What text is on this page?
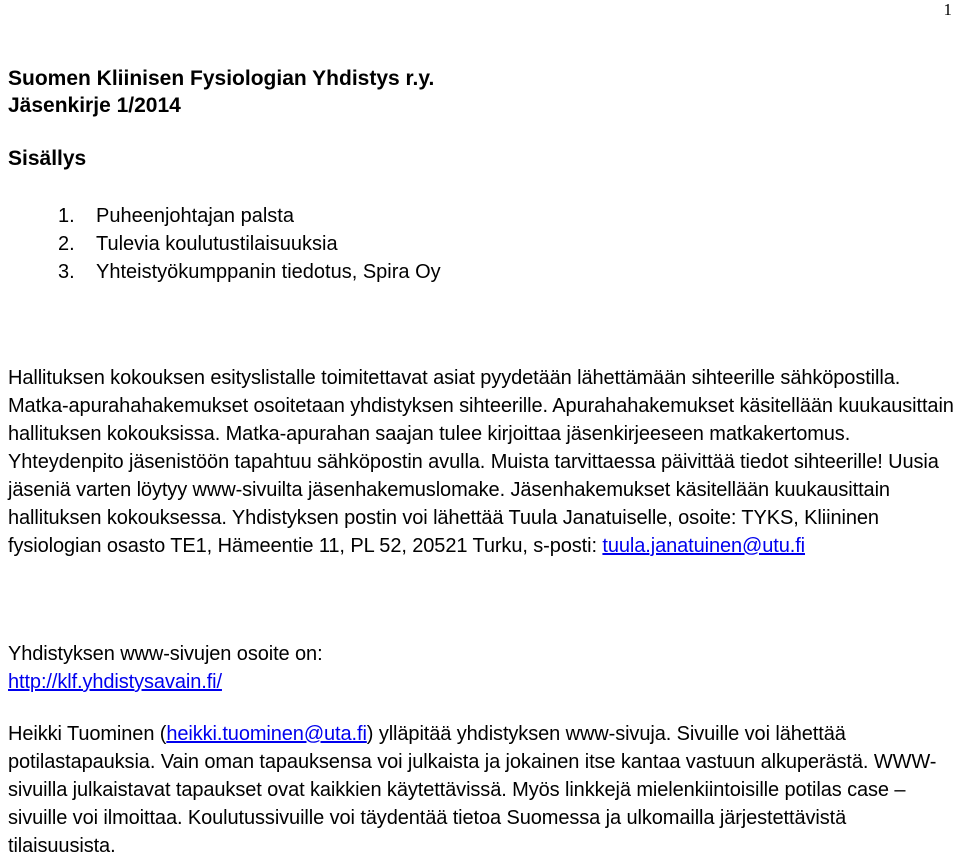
1
Suomen Kliinisen Fysiologian Yhdistys r.y.
Jäsenkirje 1/2014
Sisällys
1.	Puheenjohtajan palsta
2.	Tulevia koulutustilaisuuksia
3.	Yhteistyökumppanin tiedotus, Spira Oy

Hallituksen kokouksen esityslistalle toimitettavat asiat pyydetään lähettämään sihteerille sähköpostilla. Matka-apurahahakemukset osoitetaan yhdistyksen sihteerille. Apurahahakemukset käsitellään kuukausittain hallituksen kokouksissa. Matka-apurahan saajan tulee kirjoittaa jäsenkirjeeseen matkakertomus. Yhteydenpito jäsenistöön tapahtuu sähköpostin avulla. Muista tarvittaessa päivittää tiedot sihteerille! Uusia jäseniä varten löytyy www-sivuilta jäsenhakemuslomake. Jäsenhakemukset käsitellään kuukausittain hallituksen kokouksessa. Yhdistyksen postin voi lähettää Tuula Janatuiselle, osoite: TYKS, Kliininen fysiologian osasto TE1, Hämeentie 11, PL 52, 20521 Turku, s-posti: tuula.janatuinen@utu.fi

Yhdistyksen www-sivujen osoite on:
http://klf.yhdistysavain.fi/

Heikki Tuominen (heikki.tuominen@uta.fi) ylläpitää yhdistyksen www-sivuja. Sivuille voi lähettää potilastapauksia. Vain oman tapauksensa voi julkaista ja jokainen itse kantaa vastuun alkuperästä. WWW-sivuilla julkaistavat tapaukset ovat kaikkien käytettävissä. Myös linkkejä mielenkiintoisille potilas case –sivuille voi ilmoittaa. Koulutussivuille voi täydentää tietoa Suomessa ja ulkomailla järjestettävistä tilaisuusista.
